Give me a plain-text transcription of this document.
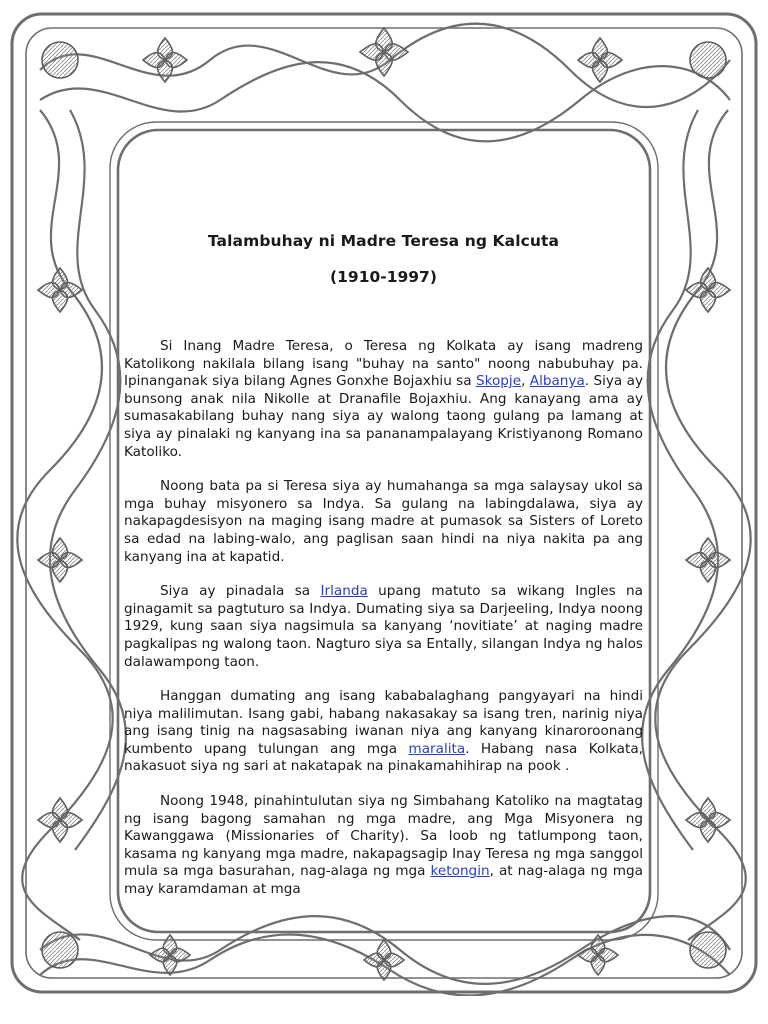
Talambuhay ni Madre Teresa ng Kalcuta
(1910-1997)

Si Inang Madre Teresa, o Teresa ng Kolkata ay isang madreng Katolikong nakilala bilang isang "buhay na santo" noong nabubuhay pa. Ipinanganak siya bilang Agnes Gonxhe Bojaxhiu sa Skopje, Albanya. Siya ay bunsong anak nila Nikolle at Dranafile Bojaxhiu. Ang kanayang ama ay sumasakabilang buhay nang siya ay walong taong gulang pa lamang at siya ay pinalaki ng kanyang ina sa pananampalayang Kristiyanong Romano Katoliko.

Noong bata pa si Teresa siya ay humahanga sa mga salaysay ukol sa mga buhay misyonero sa Indya. Sa gulang na labingdalawa, siya ay nakapagdesisyon na maging isang madre at pumasok sa Sisters of Loreto sa edad na labing-walo, ang paglisan saan hindi na niya nakita pa ang kanyang ina at kapatid.

Siya ay pinadala sa Irlanda upang matuto sa wikang Ingles na ginagamit sa pagtuturo sa Indya. Dumating siya sa Darjeeling, Indya noong 1929, kung saan siya nagsimula sa kanyang ‘novitiate’ at naging madre pagkalipas ng walong taon. Nagturo siya sa Entally, silangan Indya ng halos dalawampong taon.

Hanggan dumating ang isang kababalaghang pangyayari na hindi niya malilimutan. Isang gabi, habang nakasakay sa isang tren, narinig niya ang isang tinig na nagsasabing iwanan niya ang kanyang kinaroroonang kumbento upang tulungan ang mga maralita. Habang nasa Kolkata, nakasuot siya ng sari at nakatapak na pinakamahihirap na pook .

Noong 1948, pinahintulutan siya ng Simbahang Katoliko na magtatag ng isang bagong samahan ng mga madre, ang Mga Misyonera ng Kawanggawa (Missionaries of Charity). Sa loob ng tatlumpong taon, kasama ng kanyang mga madre, nakapagsagip Inay Teresa ng mga sanggol mula sa mga basurahan, nag-alaga ng mga ketongin, at nag-alaga ng mga may karamdaman at mga
